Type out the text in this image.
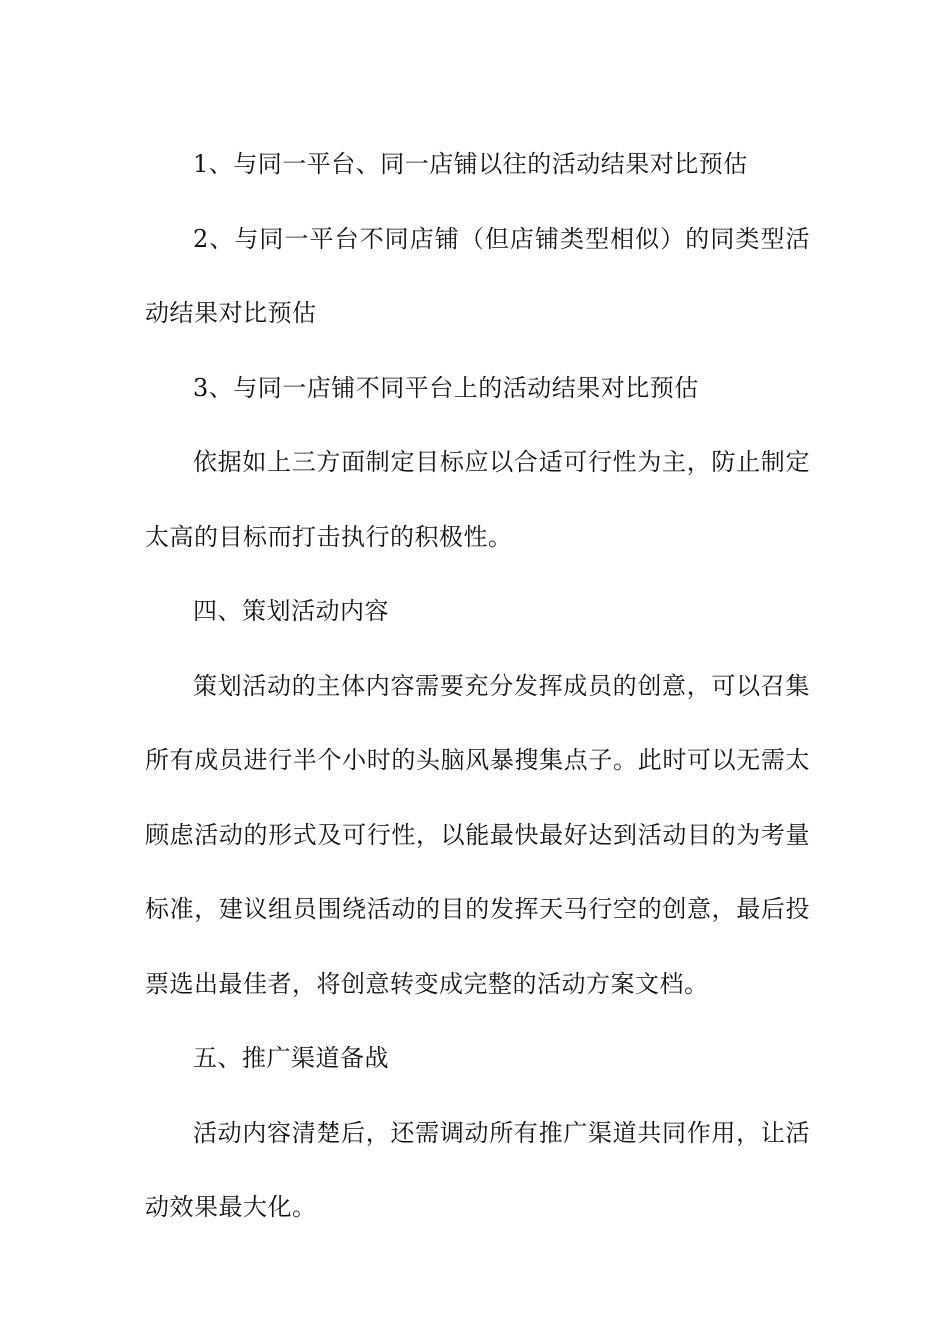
1、与同一平台、同一店铺以往的活动结果对比预估

2、与同一平台不同店铺（但店铺类型相似）的同类型活动结果对比预估

3、与同一店铺不同平台上的活动结果对比预估

依据如上三方面制定目标应以合适可行性为主，防止制定太高的目标而打击执行的积极性。

四、策划活动内容

策划活动的主体内容需要充分发挥成员的创意，可以召集所有成员进行半个小时的头脑风暴搜集点子。此时可以无需太顾虑活动的形式及可行性，以能最快最好达到活动目的为考量标准，建议组员围绕活动的目的发挥天马行空的创意，最后投票选出最佳者，将创意转变成完整的活动方案文档。

五、推广渠道备战

活动内容清楚后，还需调动所有推广渠道共同作用，让活动效果最大化。
